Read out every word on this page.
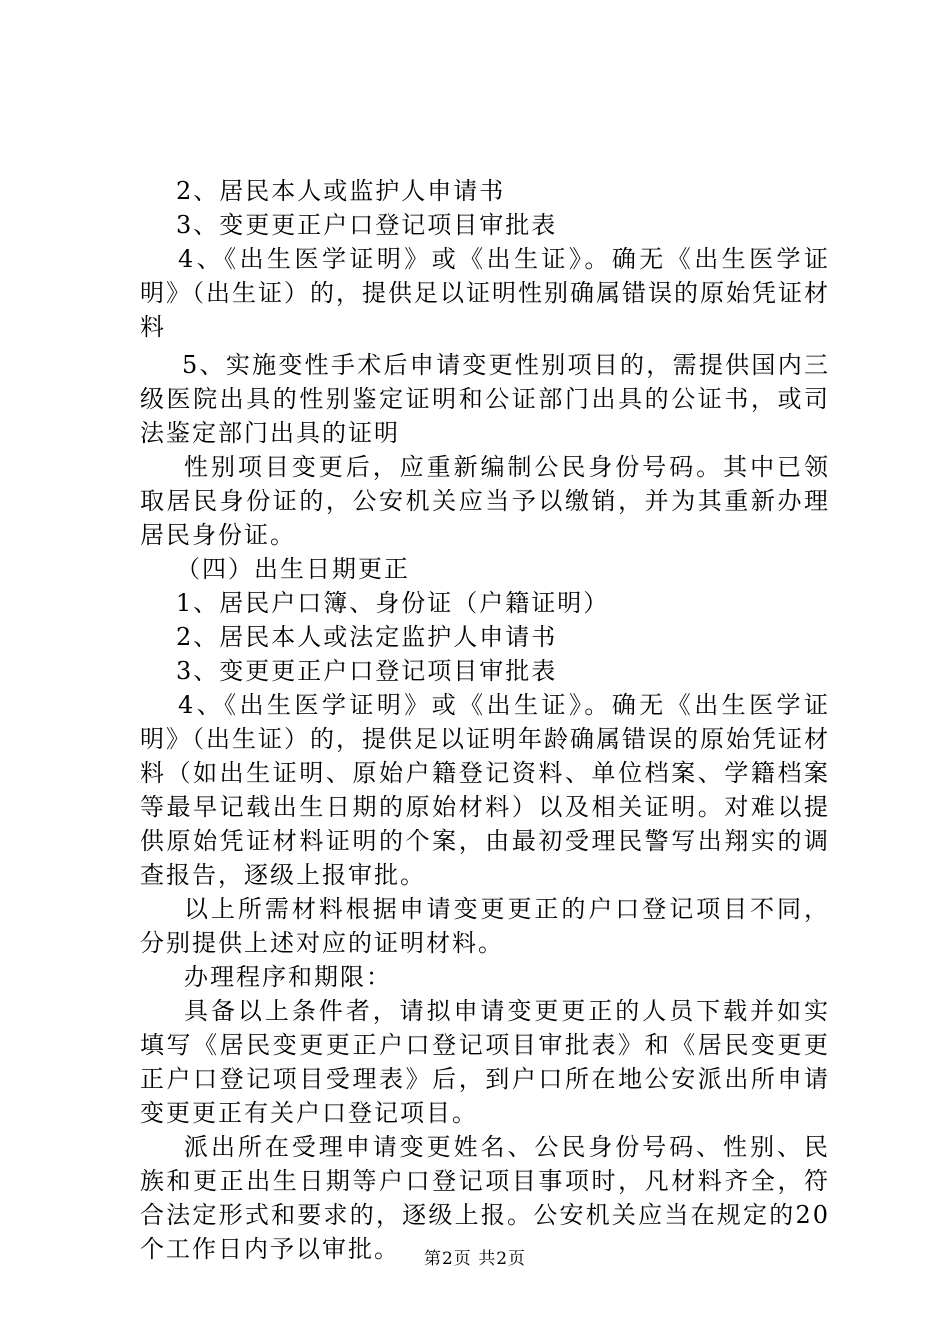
2、居民本人或监护人申请书

3、变更更正户口登记项目审批表

4、《出生医学证明》或《出生证》。确无《出生医学证明》（出生证）的，提供足以证明性别确属错误的原始凭证材料

5、实施变性手术后申请变更性别项目的，需提供国内三级医院出具的性别鉴定证明和公证部门出具的公证书，或司法鉴定部门出具的证明

性别项目变更后，应重新编制公民身份号码。其中已领取居民身份证的，公安机关应当予以缴销，并为其重新办理居民身份证。

（四）出生日期更正

1、居民户口簿、身份证（户籍证明）

2、居民本人或法定监护人申请书

3、变更更正户口登记项目审批表

4、《出生医学证明》或《出生证》。确无《出生医学证明》（出生证）的，提供足以证明年龄确属错误的原始凭证材料（如出生证明、原始户籍登记资料、单位档案、学籍档案等最早记载出生日期的原始材料）以及相关证明。对难以提供原始凭证材料证明的个案，由最初受理民警写出翔实的调查报告，逐级上报审批。

以上所需材料根据申请变更更正的户口登记项目不同，分别提供上述对应的证明材料。

办理程序和期限：

具备以上条件者，请拟申请变更更正的人员下载并如实填写《居民变更更正户口登记项目审批表》和《居民变更更正户口登记项目受理表》后，到户口所在地公安派出所申请变更更正有关户口登记项目。

派出所在受理申请变更姓名、公民身份号码、性别、民族和更正出生日期等户口登记项目事项时，凡材料齐全，符合法定形式和要求的，逐级上报。公安机关应当在规定的20个工作日内予以审批。	第2页 共2页
